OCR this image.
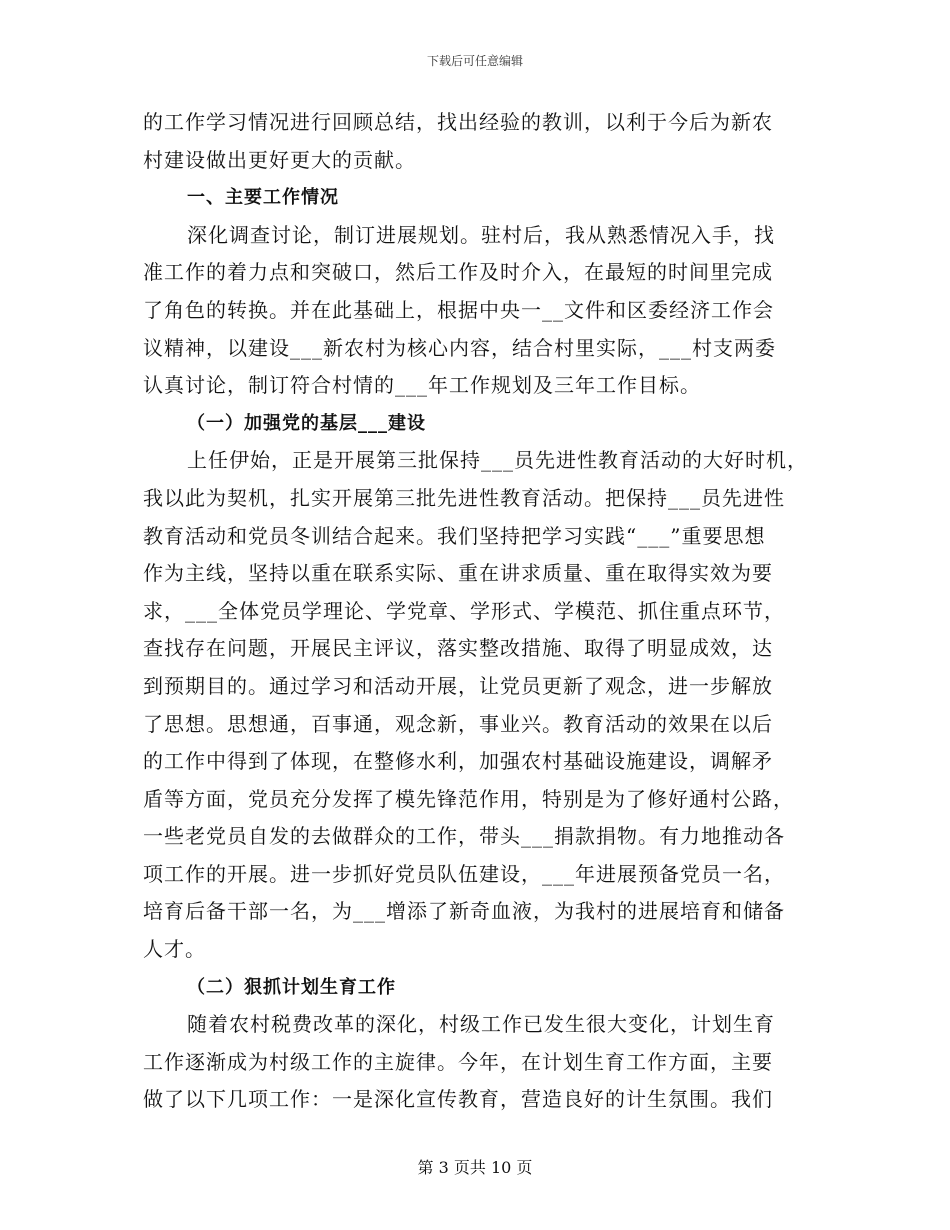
下载后可任意编辑

的工作学习情况进行回顾总结，找出经验的教训，以利于今后为新农

村建设做出更好更大的贡献。

一、主要工作情况

深化调查讨论，制订进展规划。驻村后，我从熟悉情况入手，找

准工作的着力点和突破口，然后工作及时介入，在最短的时间里完成

了角色的转换。并在此基础上，根据中央一__文件和区委经济工作会

议精神，以建设___新农村为核心内容，结合村里实际，___村支两委

认真讨论，制订符合村情的___年工作规划及三年工作目标。

（一）加强党的基层___建设

上任伊始，正是开展第三批保持___员先进性教育活动的大好时机，

我以此为契机，扎实开展第三批先进性教育活动。把保持___员先进性

教育活动和党员冬训结合起来。我们坚持把学习实践“___”重要思想

作为主线，坚持以重在联系实际、重在讲求质量、重在取得实效为要

求，___全体党员学理论、学党章、学形式、学模范、抓住重点环节，

查找存在问题，开展民主评议，落实整改措施、取得了明显成效，达

到预期目的。通过学习和活动开展，让党员更新了观念，进一步解放

了思想。思想通，百事通，观念新，事业兴。教育活动的效果在以后

的工作中得到了体现，在整修水利，加强农村基础设施建设，调解矛

盾等方面，党员充分发挥了模先锋范作用，特别是为了修好通村公路，

一些老党员自发的去做群众的工作，带头___捐款捐物。有力地推动各

项工作的开展。进一步抓好党员队伍建设，___年进展预备党员一名，

培育后备干部一名，为___增添了新奇血液，为我村的进展培育和储备

人才。

（二）狠抓计划生育工作

随着农村税费改革的深化，村级工作已发生很大变化，计划生育

工作逐渐成为村级工作的主旋律。今年，在计划生育工作方面，主要

做了以下几项工作：一是深化宣传教育，营造良好的计生氛围。我们

第 3 页共 10 页
